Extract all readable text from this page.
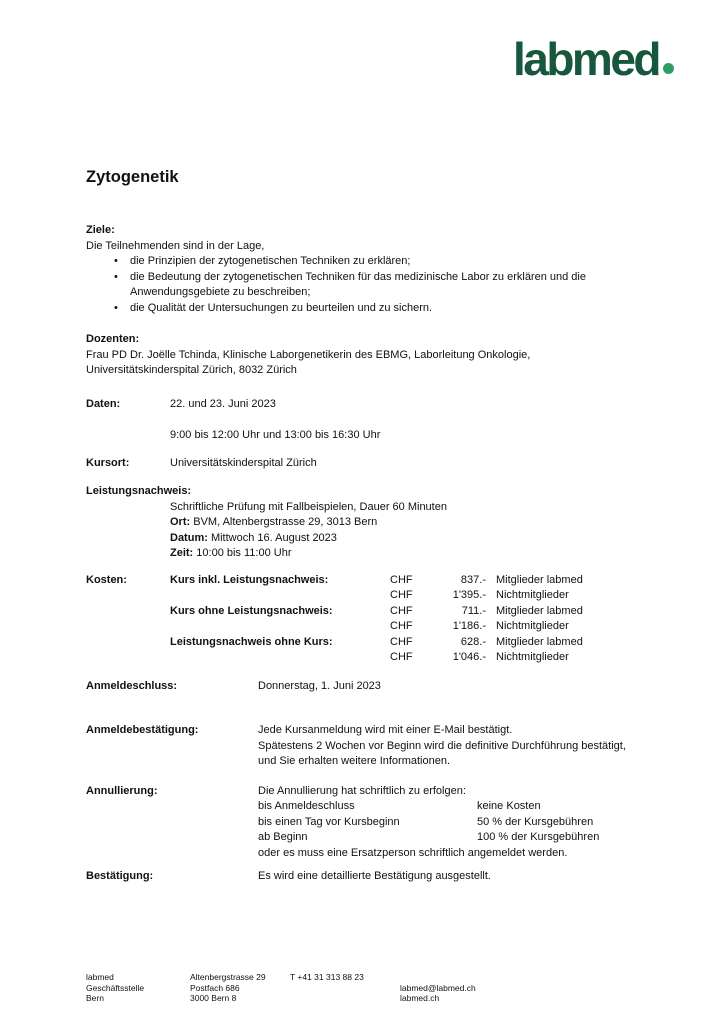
labmed
Zytogenetik
Ziele:
Die Teilnehmenden sind in der Lage,
•	die Prinzipien der zytogenetischen Techniken zu erklären;
•	die Bedeutung der zytogenetischen Techniken für das medizinische Labor zu erklären und die Anwendungsgebiete zu beschreiben;
•	die Qualität der Untersuchungen zu beurteilen und zu sichern.
Dozenten:
Frau PD Dr. Joëlle Tchinda, Klinische Laborgenetikerin des EBMG, Laborleitung Onkologie,
Universitätskinderspital Zürich, 8032 Zürich
Daten:	22. und 23. Juni 2023
9:00 bis 12:00 Uhr und 13:00 bis 16:30 Uhr
Kursort:	Universitätskinderspital Zürich
Leistungsnachweis:
Schriftliche Prüfung mit Fallbeispielen, Dauer 60 Minuten
Ort: BVM, Altenbergstrasse 29, 3013 Bern
Datum: Mittwoch 16. August 2023
Zeit: 10:00 bis 11:00 Uhr
Kosten:	Kurs inkl. Leistungsnachweis:	CHF	837.- Mitglieder labmed
CHF	1'395.- Nichtmitglieder
Kurs ohne Leistungsnachweis:	CHF	711.- Mitglieder labmed
CHF	1'186.- Nichtmitglieder
Leistungsnachweis ohne Kurs:	CHF	628.- Mitglieder labmed
CHF	1'046.- Nichtmitglieder
Anmeldeschluss:	Donnerstag, 1. Juni 2023
Anmeldebestätigung:	Jede Kursanmeldung wird mit einer E-Mail bestätigt.
Spätestens 2 Wochen vor Beginn wird die definitive Durchführung bestätigt,
und Sie erhalten weitere Informationen.
Annullierung:	Die Annullierung hat schriftlich zu erfolgen:
bis Anmeldeschluss	keine Kosten
bis einen Tag vor Kursbeginn	50 % der Kursgebühren
ab Beginn	100 % der Kursgebühren
oder es muss eine Ersatzperson schriftlich angemeldet werden.
Bestätigung:	Es wird eine detaillierte Bestätigung ausgestellt.
labmed
Geschäftsstelle
Bern
Altenbergstrasse 29
Postfach 686
3000 Bern 8
T +41 31 313 88 23
labmed@labmed.ch
labmed.ch
